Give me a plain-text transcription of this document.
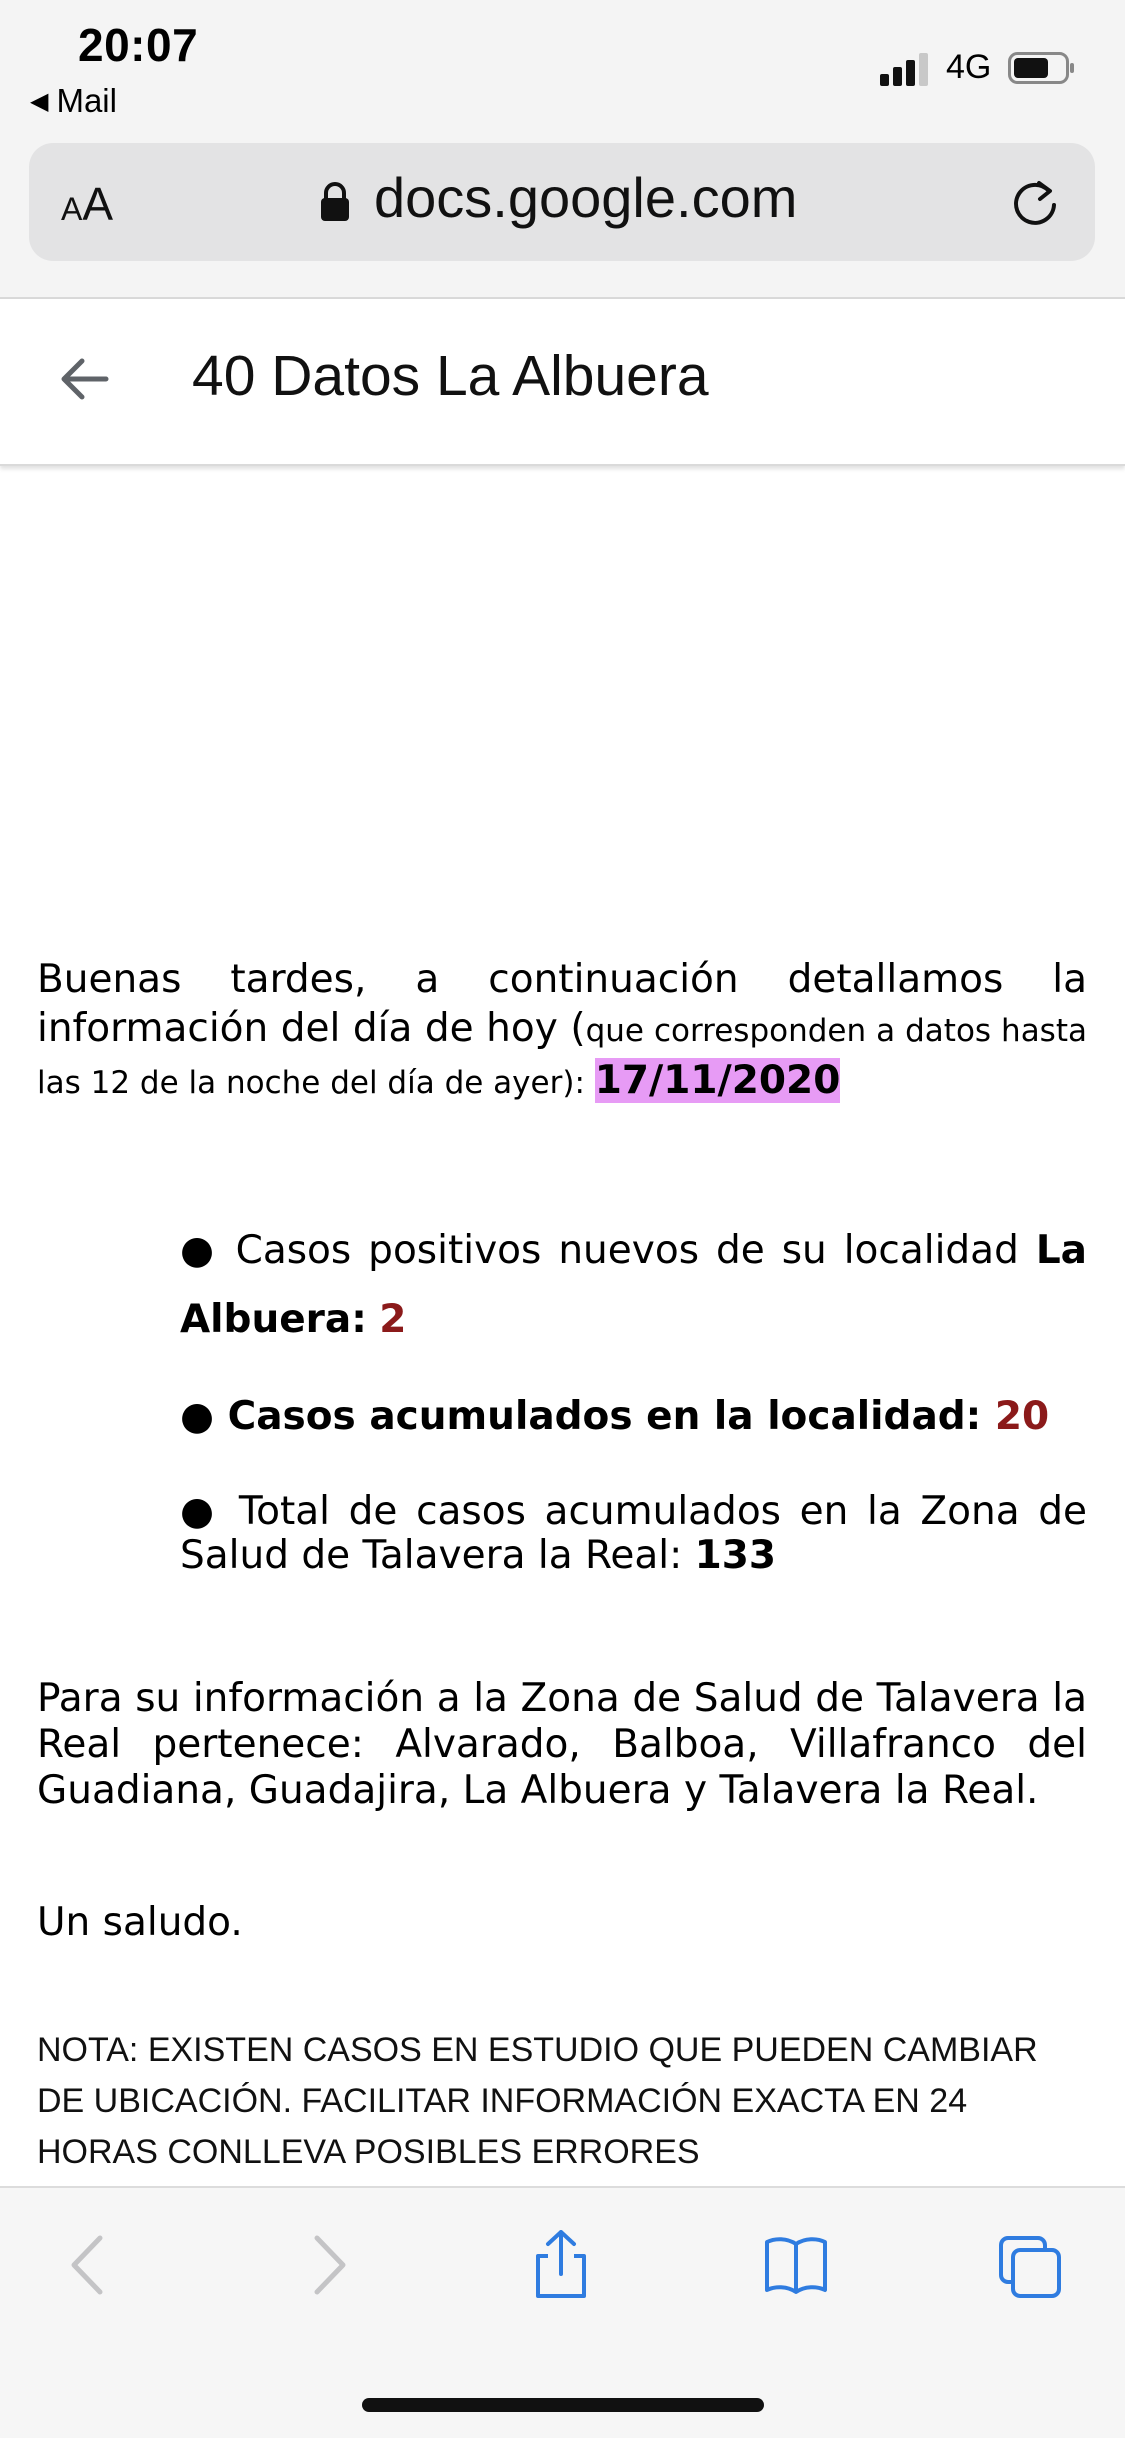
20:07
◀ Mail
4G
AA	docs.google.com
40 Datos La Albuera

Buenas tardes, a continuación detallamos la información del día de hoy (que corresponden a datos hasta las 12 de la noche del día de ayer): 17/11/2020

● Casos positivos nuevos de su localidad La Albuera: 2

● Casos acumulados en la localidad: 20

● Total de casos acumulados en la Zona de Salud de Talavera la Real: 133

Para su información a la Zona de Salud de Talavera la Real pertenece: Alvarado, Balboa, Villafranco del Guadiana, Guadajira, La Albuera y Talavera la Real.

Un saludo.

NOTA: EXISTEN CASOS EN ESTUDIO QUE PUEDEN CAMBIAR DE UBICACIÓN. FACILITAR INFORMACIÓN EXACTA EN 24 HORAS CONLLEVA POSIBLES ERRORES
